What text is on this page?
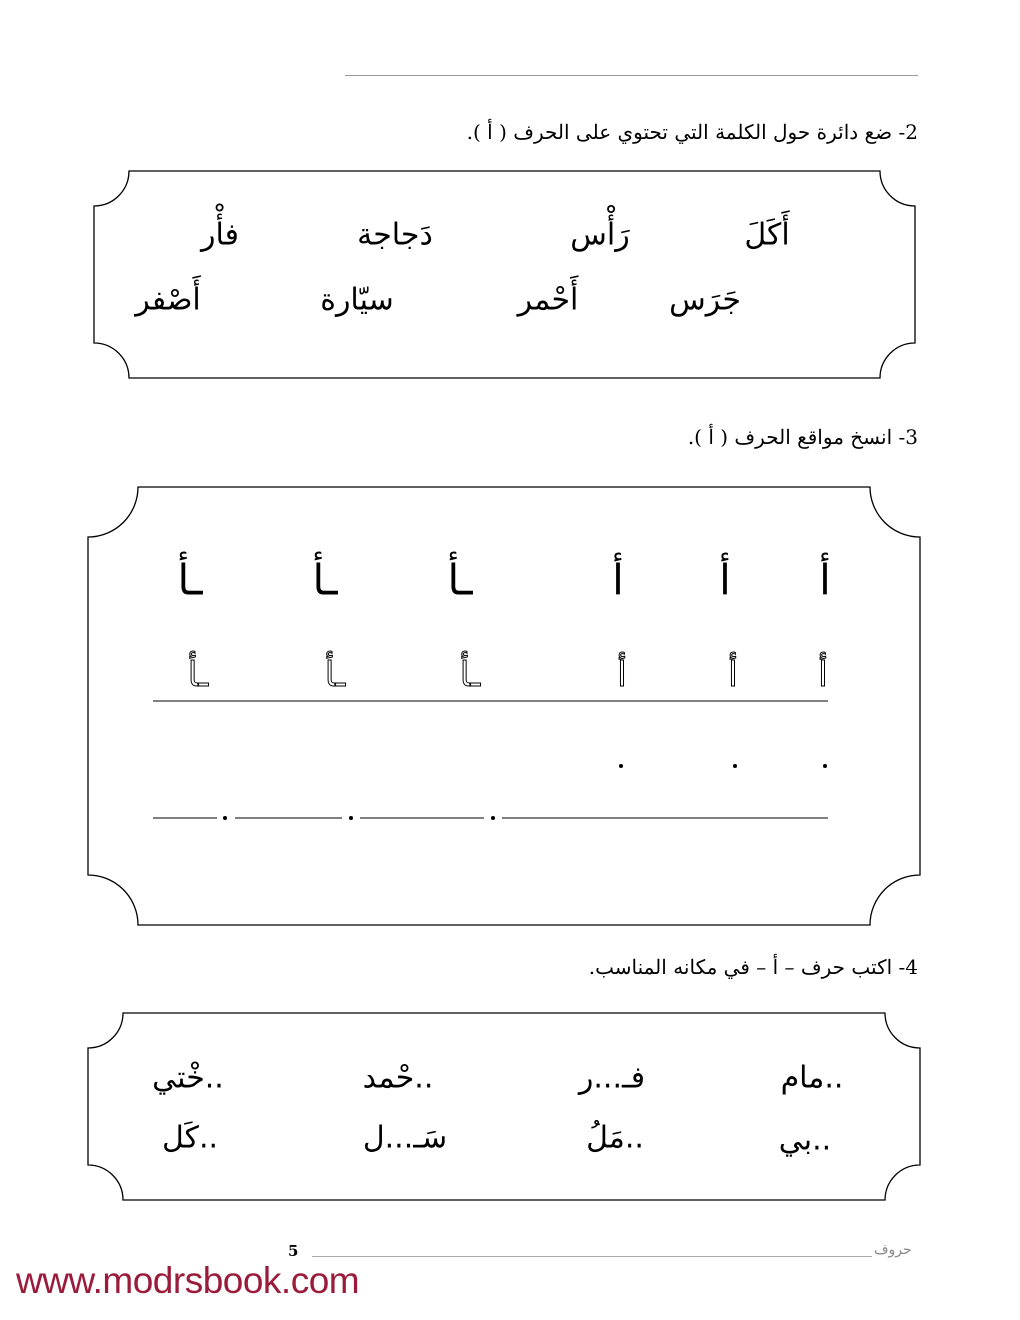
2- ضع دائرة حول الكلمة التي تحتوي على الحرف ( أ ).
أَكَلَ
رَأْس
دَجاجة
فأْر
جَرَس
أَحْمر
سيّارة
أَصْفر
3- انسخ مواقع الحرف ( أ ).
أ
أ
أ
ـأ
ـأ
ـأ
أ
أ
أ
ـأ
ـأ
ـأ
4- اكتب حرف – أ – في مكانه المناسب.
..مام
فـ...ر
..حْمد
..خْتي
..بي
..مَلُ
سَـ...ل
..كَل
5	حروف
www.modrsbook.com
